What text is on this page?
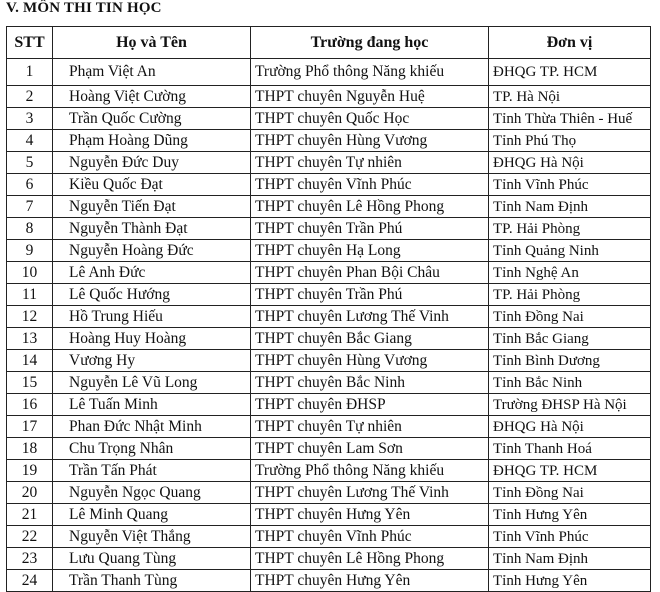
V. MÔN THI TIN HỌC
STT	Họ và Tên	Trường đang học	Đơn vị
1	Phạm Việt An	Trường Phổ thông Năng khiếu	ĐHQG TP. HCM
2	Hoàng Việt Cường	THPT chuyên Nguyễn Huệ	TP. Hà Nội
3	Trần Quốc Cường	THPT chuyên Quốc Học	Tỉnh Thừa Thiên - Huế
4	Phạm Hoàng Dũng	THPT chuyên Hùng Vương	Tỉnh Phú Thọ
5	Nguyễn Đức Duy	THPT chuyên Tự nhiên	ĐHQG Hà Nội
6	Kiều Quốc Đạt	THPT chuyên Vĩnh Phúc	Tỉnh Vĩnh Phúc
7	Nguyễn Tiến Đạt	THPT chuyên Lê Hồng Phong	Tỉnh Nam Định
8	Nguyễn Thành Đạt	THPT chuyên Trần Phú	TP. Hải Phòng
9	Nguyễn Hoàng Đức	THPT chuyên Hạ Long	Tỉnh Quảng Ninh
10	Lê Anh Đức	THPT chuyên Phan Bội Châu	Tỉnh Nghệ An
11	Lê Quốc Hướng	THPT chuyên Trần Phú	TP. Hải Phòng
12	Hồ Trung Hiếu	THPT chuyên Lương Thế Vinh	Tỉnh Đồng Nai
13	Hoàng Huy Hoàng	THPT chuyên Bắc Giang	Tỉnh Bắc Giang
14	Vương Hy	THPT chuyên Hùng Vương	Tỉnh Bình Dương
15	Nguyễn Lê Vũ Long	THPT chuyên Bắc Ninh	Tỉnh Bắc Ninh
16	Lê Tuấn Minh	THPT chuyên ĐHSP	Trường ĐHSP Hà Nội
17	Phan Đức Nhật Minh	THPT chuyên Tự nhiên	ĐHQG Hà Nội
18	Chu Trọng Nhân	THPT chuyên Lam Sơn	Tỉnh Thanh Hoá
19	Trần Tấn Phát	Trường Phổ thông Năng khiếu	ĐHQG TP. HCM
20	Nguyễn Ngọc Quang	THPT chuyên Lương Thế Vinh	Tỉnh Đồng Nai
21	Lê Minh Quang	THPT chuyên Hưng Yên	Tỉnh Hưng Yên
22	Nguyễn Việt Thắng	THPT chuyên Vĩnh Phúc	Tỉnh Vĩnh Phúc
23	Lưu Quang Tùng	THPT chuyên Lê Hồng Phong	Tỉnh Nam Định
24	Trần Thanh Tùng	THPT chuyên Hưng Yên	Tỉnh Hưng Yên
